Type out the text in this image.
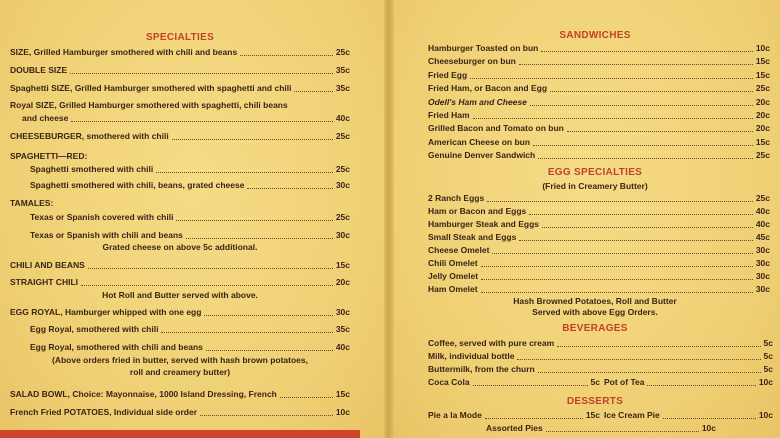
SPECIALTIES
SIZE, Grilled Hamburger smothered with chili and beans	25c
DOUBLE SIZE	35c
Spaghetti SIZE, Grilled Hamburger smothered with spaghetti and chili	35c
Royal SIZE, Grilled Hamburger smothered with spaghetti, chili beans
and cheese	40c
CHEESEBURGER, smothered with chili	25c
SPAGHETTI—RED:
Spaghetti smothered with chili	25c
Spaghetti smothered with chili, beans, grated cheese	30c
TAMALES:
Texas or Spanish covered with chili	25c
Texas or Spanish with chili and beans	30c
Grated cheese on above 5c additional.
CHILI AND BEANS	15c
STRAIGHT CHILI	20c
Hot Roll and Butter served with above.
EGG ROYAL, Hamburger whipped with one egg	30c
Egg Royal, smothered with chili	35c
Egg Royal, smothered with chili and beans	40c
(Above orders fried in butter, served with hash brown potatoes,
roll and creamery butter)
SALAD BOWL, Choice: Mayonnaise, 1000 Island Dressing, French	15c
French Fried POTATOES, Individual side order	10c
SANDWICHES
Hamburger Toasted on bun	10c
Cheeseburger on bun	15c
Fried Egg	15c
Fried Ham, or Bacon and Egg	25c
Odell's Ham and Cheese	20c
Fried Ham	20c
Grilled Bacon and Tomato on bun	20c
American Cheese on bun	15c
Genuine Denver Sandwich	25c
EGG SPECIALTIES
(Fried in Creamery Butter)
2 Ranch Eggs	25c
Ham or Bacon and Eggs	40c
Hamburger Steak and Eggs	40c
Small Steak and Eggs	45c
Cheese Omelet	30c
Chili Omelet	30c
Jelly Omelet	30c
Ham Omelet	30c
Hash Browned Potatoes, Roll and Butter
Served with above Egg Orders.
BEVERAGES
Coffee, served with pure cream	5c
Milk, individual bottle	5c
Buttermilk, from the churn	5c
Coca Cola	5c Pot of Tea	10c
DESSERTS
Pie a la Mode	15c Ice Cream Pie	10c
Assorted Pies	10c
